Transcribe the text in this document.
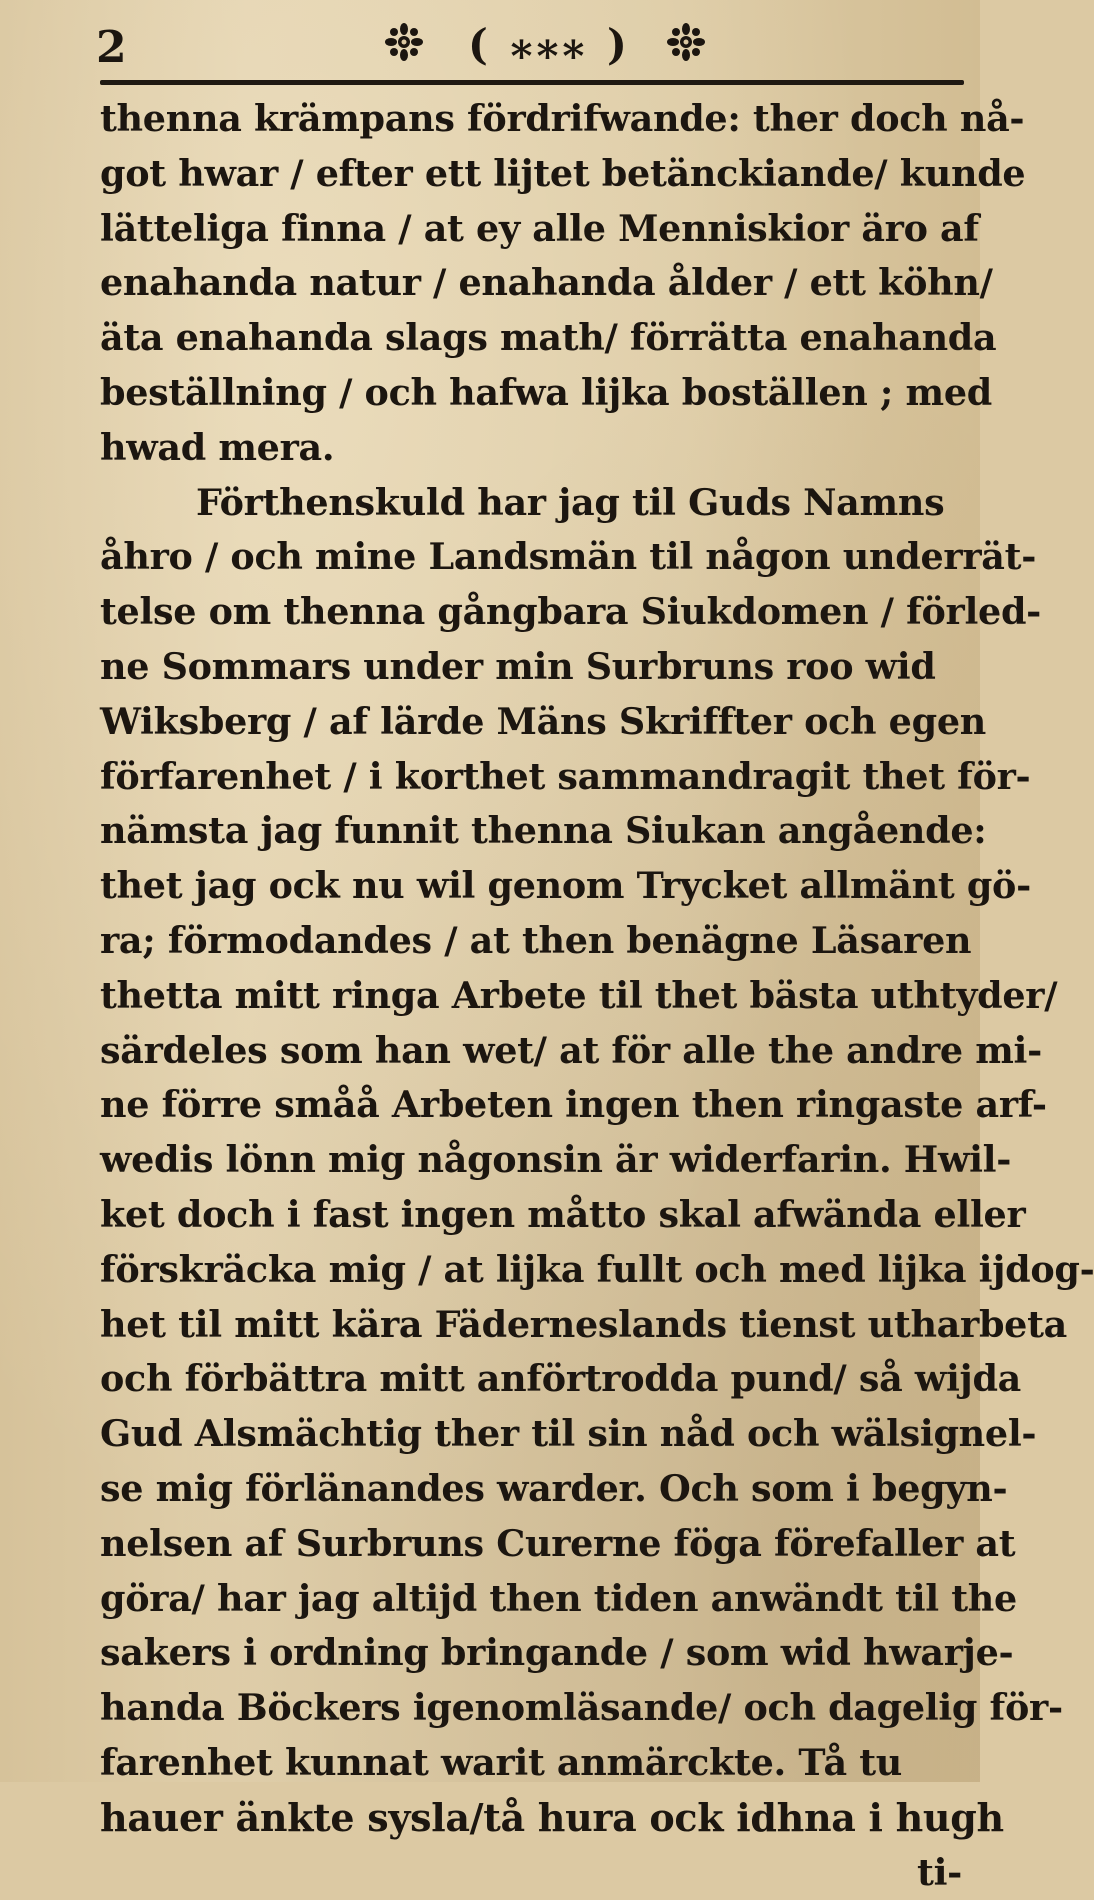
2	( ⁎⁎⁎ )
thenna krämpans fördrifwande: ther doch nå-
got hwar / efter ett lijtet betänckiande/ kunde
lätteliga finna / at ey alle Menniskior äro af
enahanda natur / enahanda ålder / ett köhn/
äta enahanda slags math/ förrätta enahanda
beställning / och hafwa lijka boställen ; med
hwad mera.
Förthenskuld har jag til Guds Namns
åhro / och mine Landsmän til någon underrät-
telse om thenna gångbara Siukdomen / förled-
ne Sommars under min Surbruns roo wid
Wiksberg / af lärde Mäns Skriffter och egen
förfarenhet / i korthet sammandragit thet för-
nämsta jag funnit thenna Siukan angående:
thet jag ock nu wil genom Trycket allmänt gö-
ra; förmodandes / at then benägne Läsaren
thetta mitt ringa Arbete til thet bästa uthtyder/
särdeles som han wet/ at för alle the andre mi-
ne förre småå Arbeten ingen then ringaste arf-
wedis lönn mig någonsin är widerfarin. Hwil-
ket doch i fast ingen måtto skal afwända eller
förskräcka mig / at lijka fullt och med lijka ijdog-
het til mitt kära Fäderneslands tienst utharbeta
och förbättra mitt anförtrodda pund/ så wijda
Gud Alsmächtig ther til sin nåd och wälsignel-
se mig förlänandes warder. Och som i begyn-
nelsen af Surbruns Curerne föga förefaller at
göra/ har jag altijd then tiden anwändt til the
sakers i ordning bringande / som wid hwarje-
handa Böckers igenomläsande/ och dagelig för-
farenhet kunnat warit anmärckte. Tå tu
hauer änkte sysla/tå hura ock idhna i hugh
ti-
